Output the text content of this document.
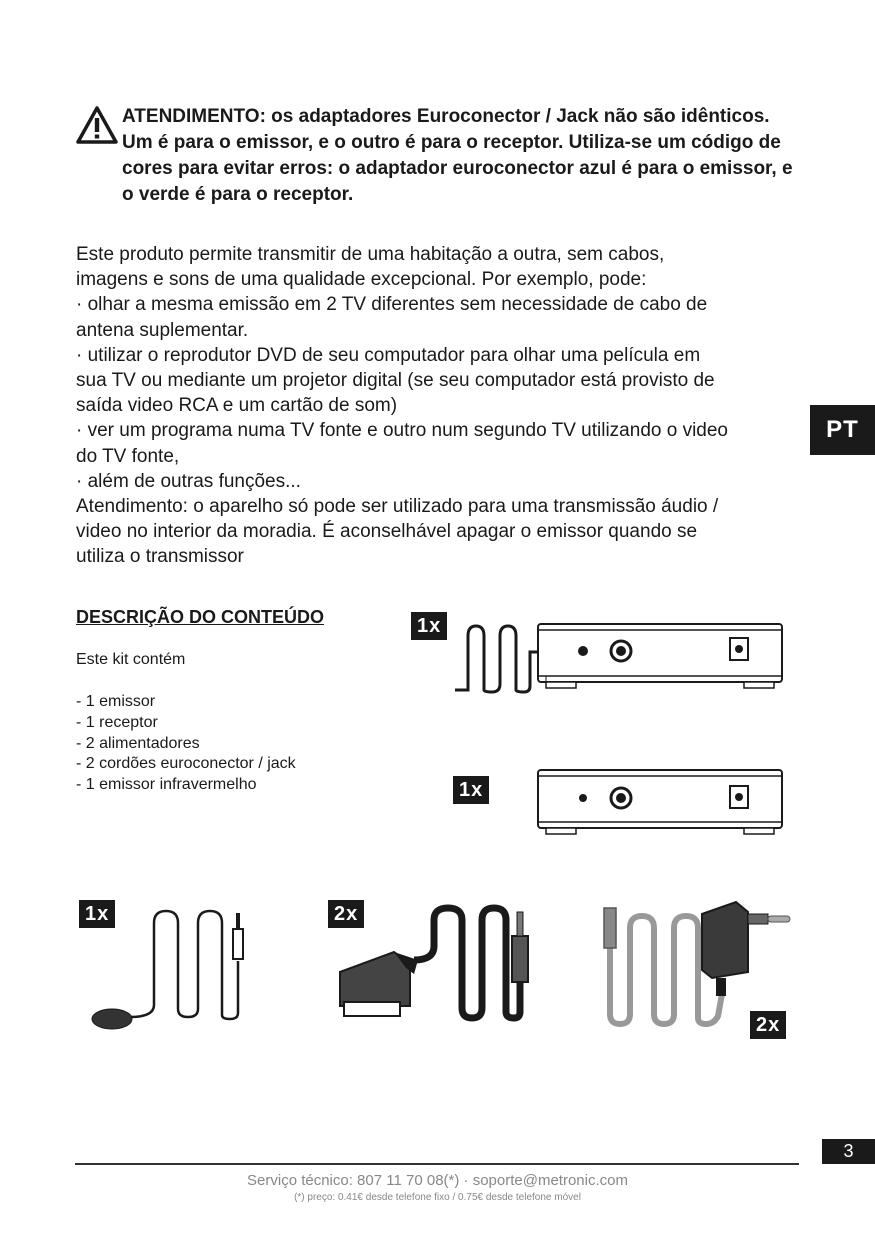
ATENDIMENTO: os adaptadores Euroconector / Jack não são idênticos. Um é para o emissor, e o outro é para o receptor. Utiliza-se um código de cores para evitar erros: o adaptador euroconector azul é para o emissor, e o verde é para o receptor.

Este produto permite transmitir de uma habitação a outra, sem cabos,

imagens e sons de uma qualidade excepcional. Por exemplo, pode:

· olhar a mesma emissão em 2 TV diferentes sem necessidade de cabo de

antena suplementar.

· utilizar o reprodutor DVD de seu computador para olhar uma película em

sua TV ou mediante um projetor digital (se seu computador está provisto de

saída video RCA e um cartão de som)

· ver um programa numa TV fonte e outro num segundo TV utilizando o video

do TV fonte,

· além de outras funções...

Atendimento: o aparelho só pode ser utilizado para uma transmissão áudio /

video no interior da moradia. É aconselhável apagar o emissor quando se

utiliza o transmissor

PT
DESCRIÇÃO DO CONTEÚDO
Este kit contém
- 1 emissor
- 1 receptor
- 2 alimentadores
- 2 cordões euroconector / jack
- 1 emissor infravermelho
1x
1x
1x	2x
2x
3
Serviço técnico: 807 11 70 08(*) · soporte@metronic.com
(*) preço: 0.41€ desde telefone fixo / 0.75€ desde telefone móvel
